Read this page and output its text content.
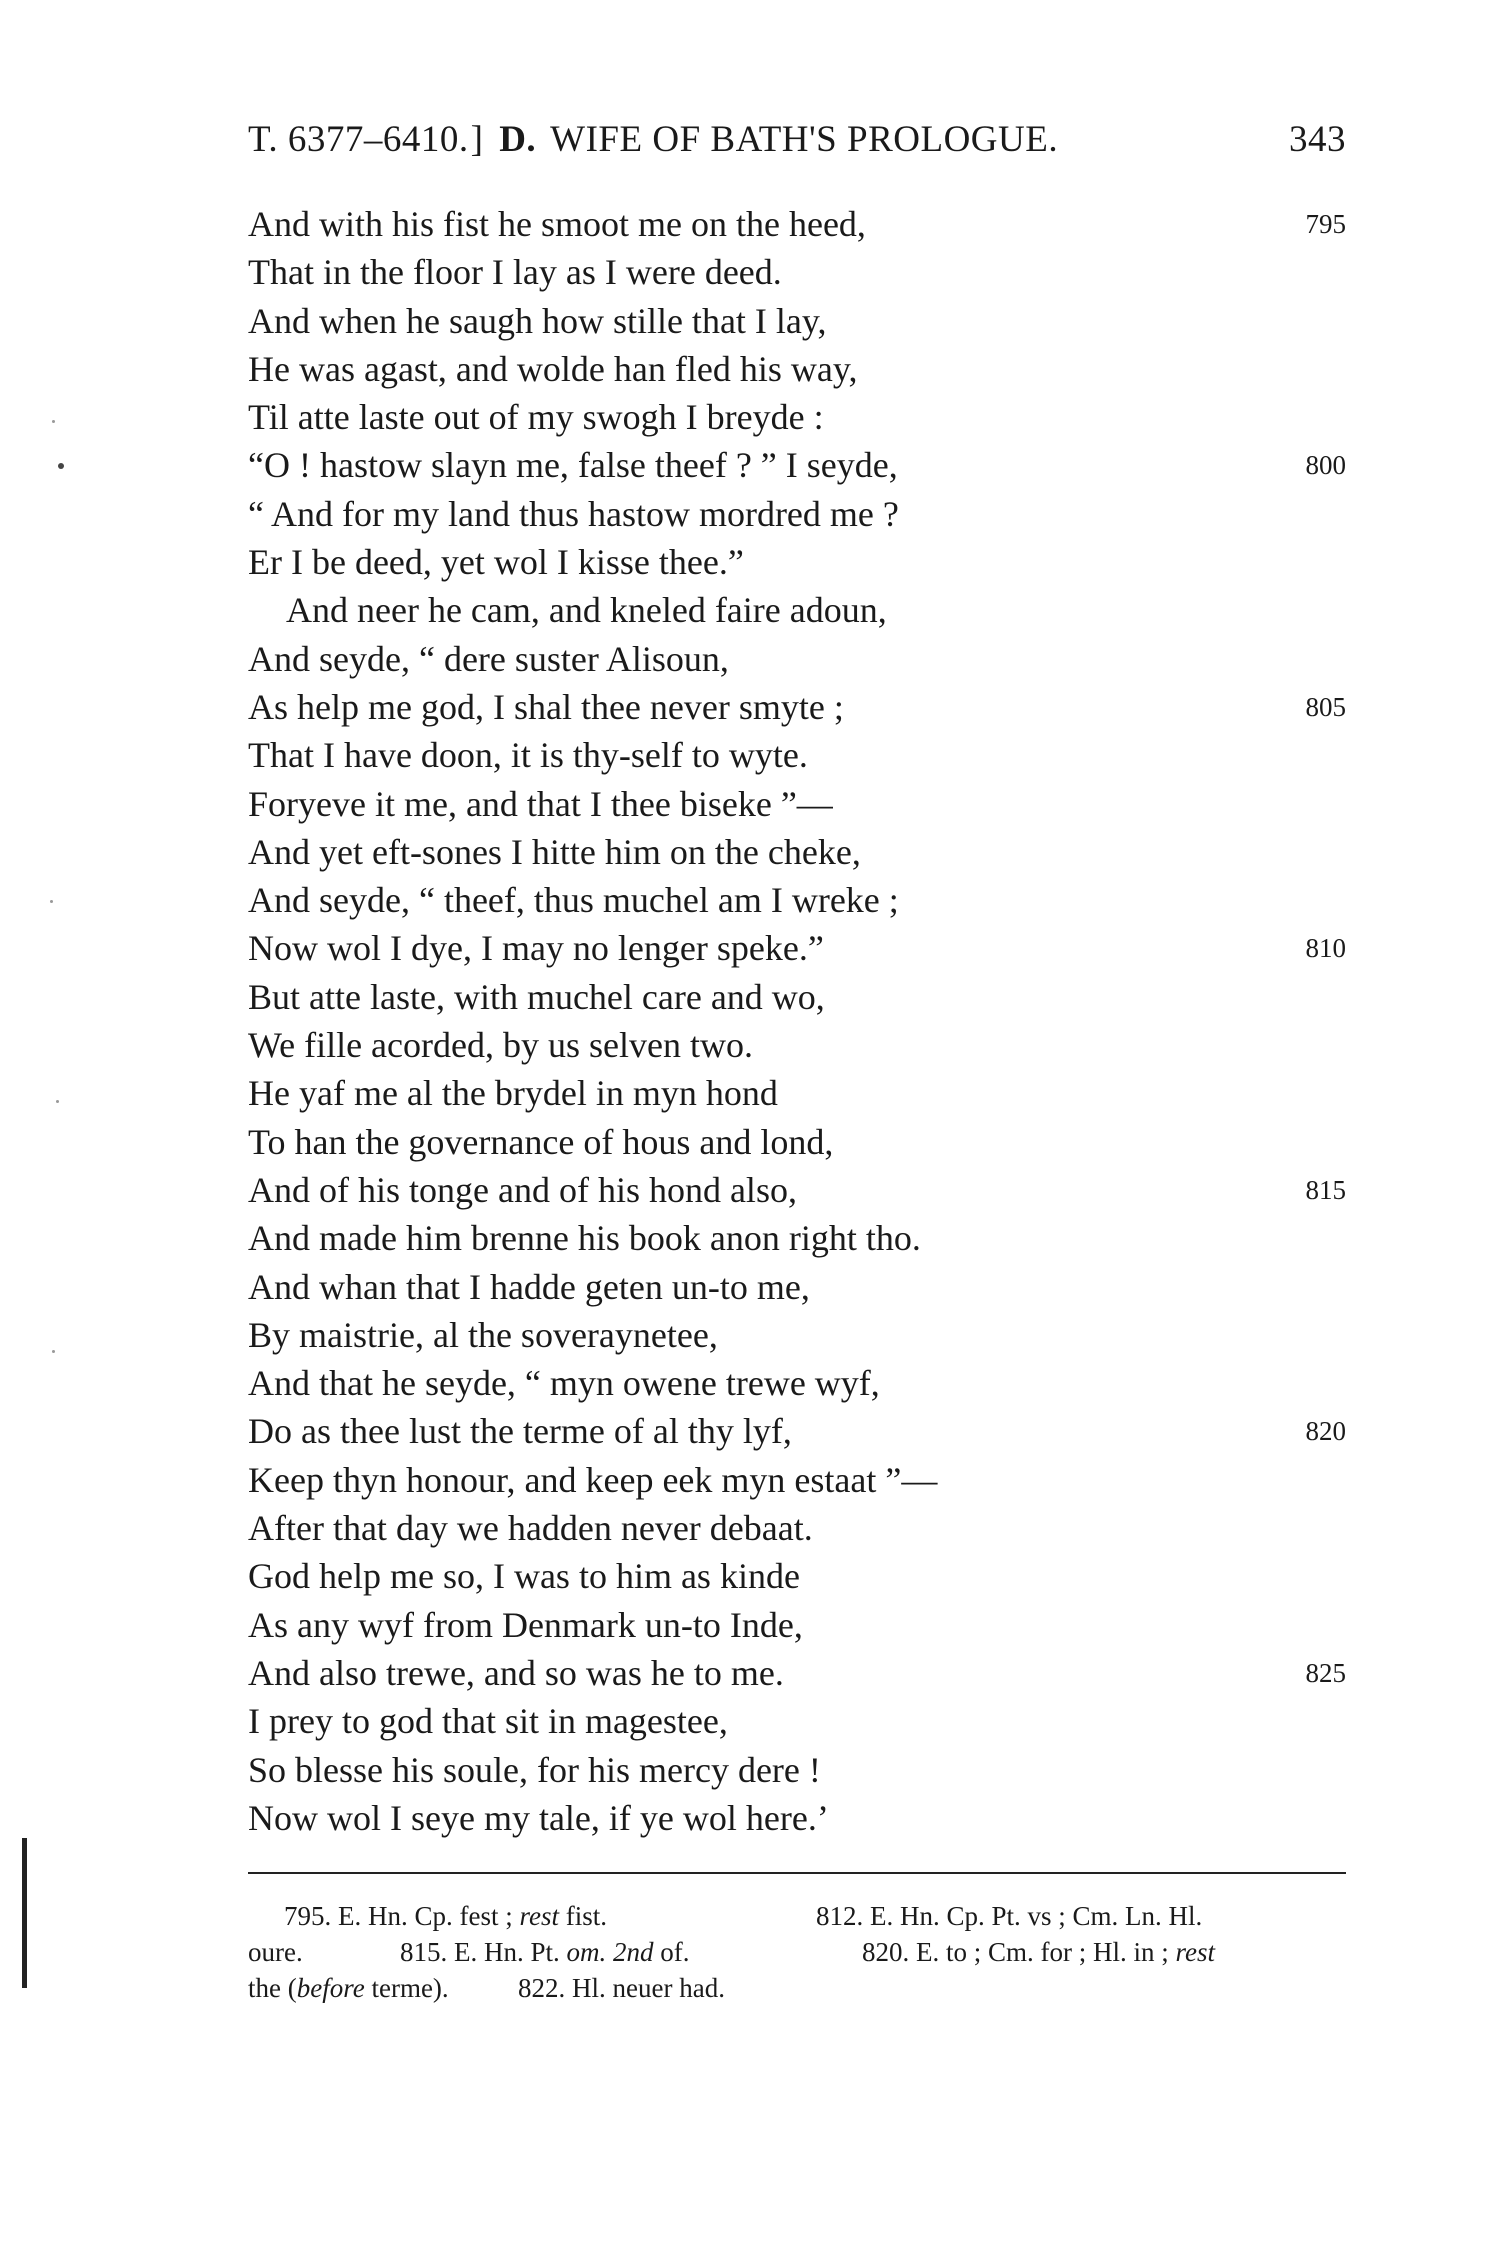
T. 6377–6410.] D. WIFE OF BATH'S PROLOGUE.	343
And with his fist he smoot me on the heed,	795
That in the floor I lay as I were deed.
And when he saugh how stille that I lay,
He was agast, and wolde han fled his way,
Til atte laste out of my swogh I breyde :
“O ! hastow slayn me, false theef ? ” I seyde,	800
“ And for my land thus hastow mordred me ?
Er I be deed, yet wol I kisse thee.”
And neer he cam, and kneled faire adoun,
And seyde, “ dere suster Alisoun,
As help me god, I shal thee never smyte ;	805
That I have doon, it is thy-self to wyte.
Foryeve it me, and that I thee biseke ”—
And yet eft-sones I hitte him on the cheke,
And seyde, “ theef, thus muchel am I wreke ;
Now wol I dye, I may no lenger speke.”	810
But atte laste, with muchel care and wo,
We fille acorded, by us selven two.
He yaf me al the brydel in myn hond
To han the governance of hous and lond,
And of his tonge and of his hond also,	815
And made him brenne his book anon right tho.
And whan that I hadde geten un-to me,
By maistrie, al the soveraynetee,
And that he seyde, “ myn owene trewe wyf,
Do as thee lust the terme of al thy lyf,	820
Keep thyn honour, and keep eek myn estaat ”—
After that day we hadden never debaat.
God help me so, I was to him as kinde
As any wyf from Denmark un-to Inde,
And also trewe, and so was he to me.	825
I prey to god that sit in magestee,
So blesse his soule, for his mercy dere !
Now wol I seye my tale, if ye wol here.’
795. E. Hn. Cp. fest ; rest fist.	812. E. Hn. Cp. Pt. vs ; Cm. Ln. Hl.
oure.	815. E. Hn. Pt. om. 2nd of.	820. E. to ; Cm. for ; Hl. in ; rest
the (before terme).	822. Hl. neuer had.
